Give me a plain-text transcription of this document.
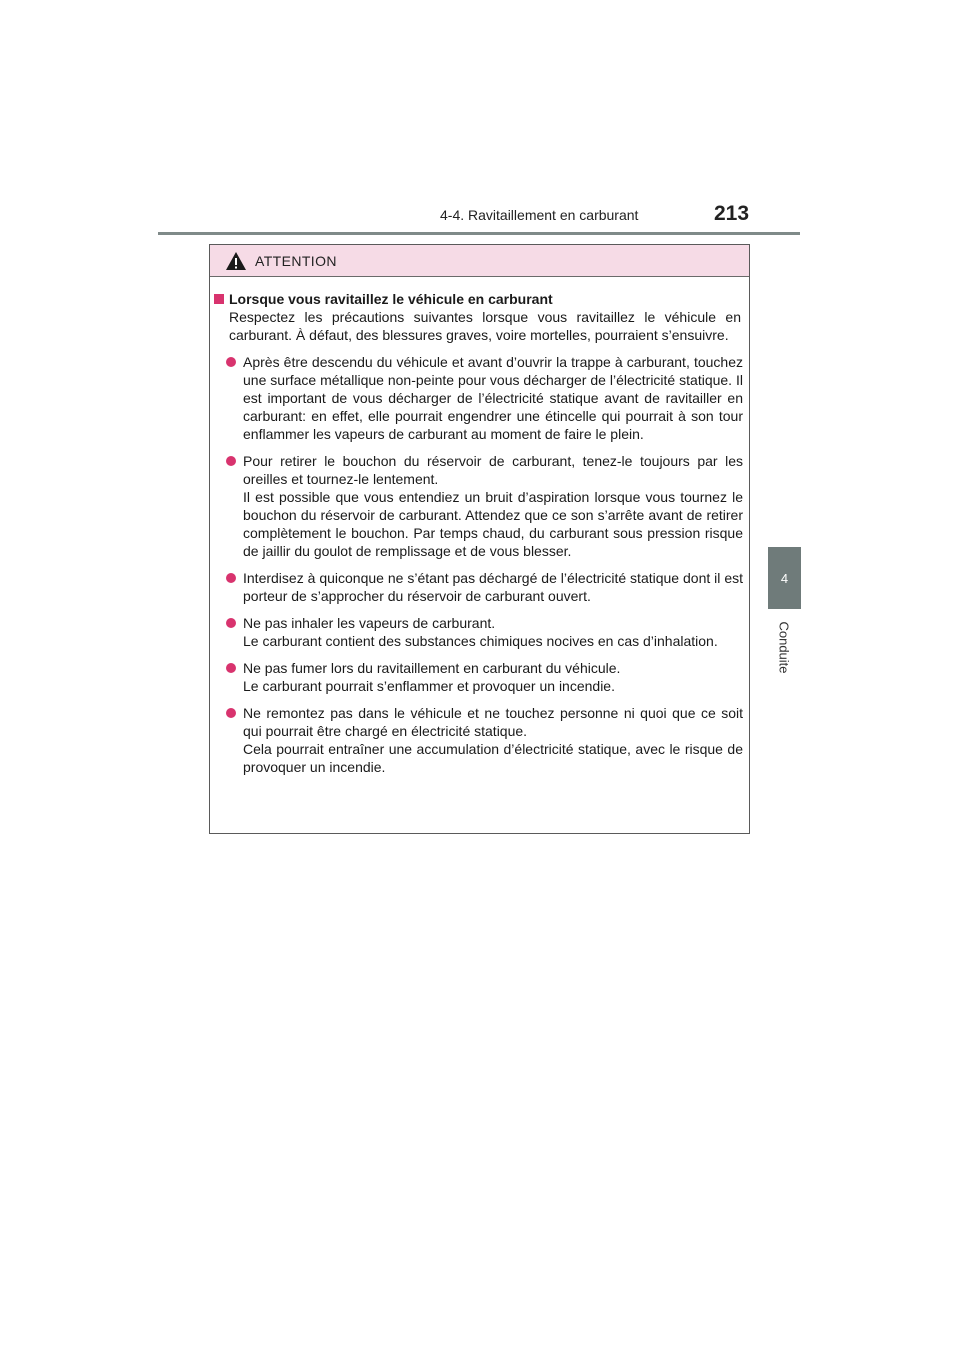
4-4. Ravitaillement en carburant	213
4
Conduite
ATTENTION
Lorsque vous ravitaillez le véhicule en carburant

Respectez les précautions suivantes lorsque vous ravitaillez le véhicule en carburant. À défaut, des blessures graves, voire mortelles, pourraient s’ensuivre.

Après être descendu du véhicule et avant d’ouvrir la trappe à carburant, touchez une surface métallique non-peinte pour vous décharger de l’électricité statique. Il est important de vous décharger de l’électricité statique avant de ravitailler en carburant: en effet, elle pourrait engendrer une étincelle qui pourrait à son tour enflammer les vapeurs de carburant au moment de faire le plein.

Pour retirer le bouchon du réservoir de carburant, tenez-le toujours par les oreilles et tournez-le lentement.

Il est possible que vous entendiez un bruit d’aspiration lorsque vous tournez le bouchon du réservoir de carburant. Attendez que ce son s’arrête avant de retirer complètement le bouchon. Par temps chaud, du carburant sous pression risque de jaillir du goulot de remplissage et de vous blesser.

Interdisez à quiconque ne s’étant pas déchargé de l’électricité statique dont il est porteur de s’approcher du réservoir de carburant ouvert.

Ne pas inhaler les vapeurs de carburant.

Le carburant contient des substances chimiques nocives en cas d’inhalation.

Ne pas fumer lors du ravitaillement en carburant du véhicule.

Le carburant pourrait s’enflammer et provoquer un incendie.

Ne remontez pas dans le véhicule et ne touchez personne ni quoi que ce soit qui pourrait être chargé en électricité statique.

Cela pourrait entraîner une accumulation d’électricité statique, avec le risque de provoquer un incendie.
